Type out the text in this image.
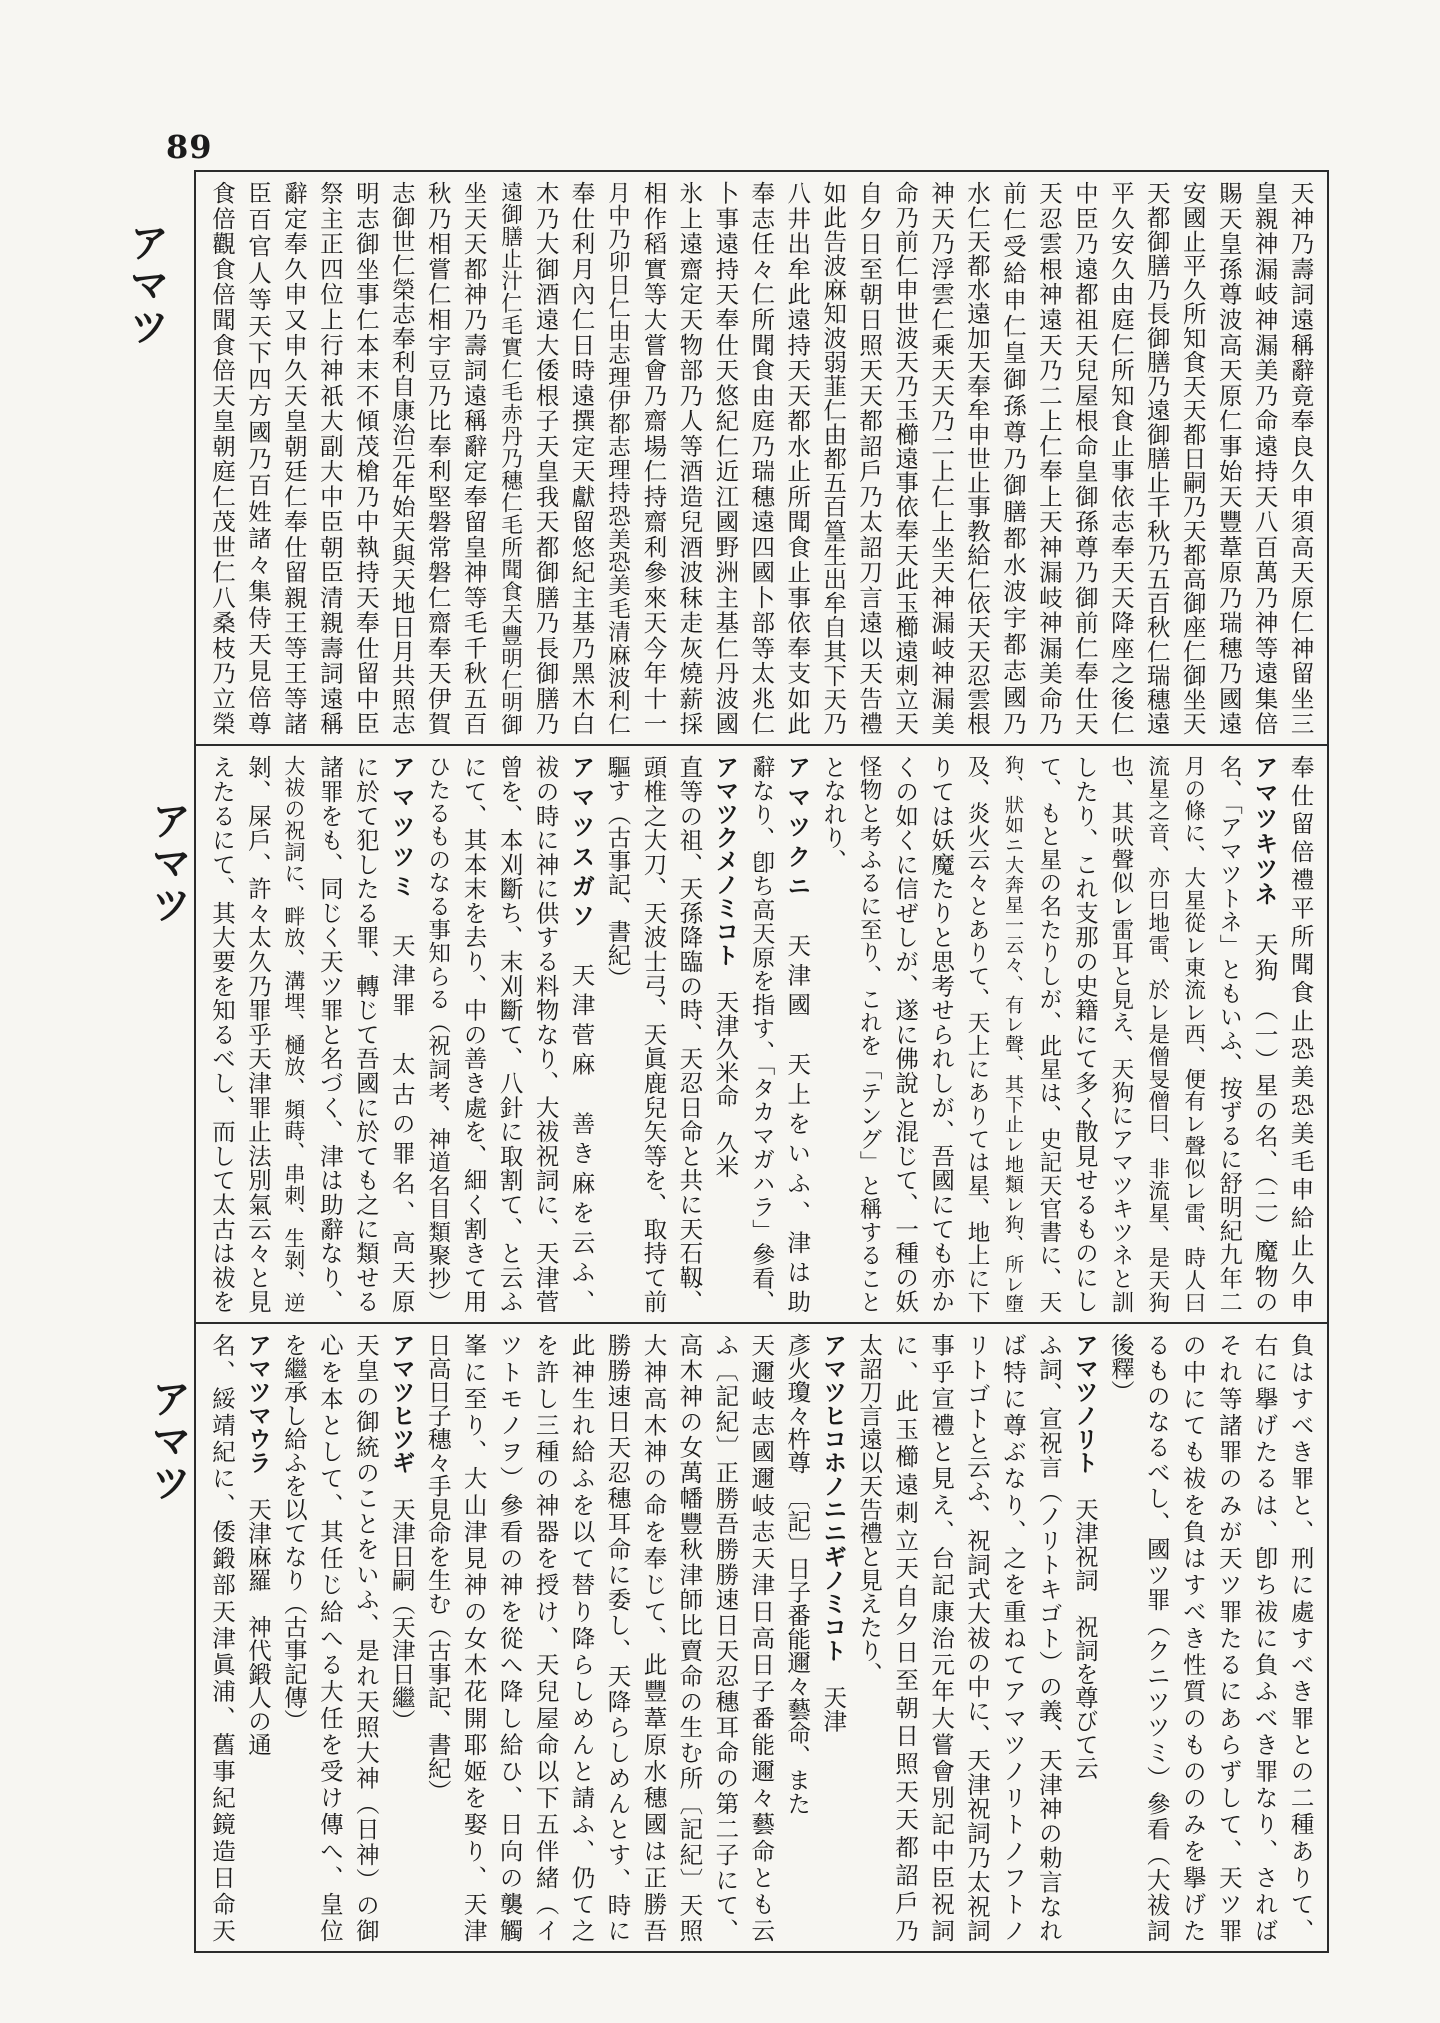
89
アマツ
アマツ
アマツ
天神乃壽詞遠稱辭竟奉良久申須高天原仁神留坐三
皇親神漏岐神漏美乃命遠持天八百萬乃神等遠集倍
賜天皇孫尊波高天原仁事始天豐葦原乃瑞穗乃國遠
安國止平久所知食天天都日嗣乃天都高御座仁御坐天
天都御膳乃長御膳乃遠御膳止千秋乃五百秋仁瑞穗遠
平久安久由庭仁所知食止事依志奉天天降座之後仁
中臣乃遠都祖天兒屋根命皇御孫尊乃御前仁奉仕天
天忍雲根神遠天乃二上仁奉上天神漏岐神漏美命乃
前仁受給申仁皇御孫尊乃御膳都水波宇都志國乃
水仁天都水遠加天奉牟申世止事教給仁依天天忍雲根
神天乃浮雲仁乘天天乃二上仁上坐天神漏岐神漏美
命乃前仁申世波天乃玉櫛遠事依奉天此玉櫛遠刺立天
自夕日至朝日照天天都詔戶乃太詔刀言遠以天告禮
如此告波麻知波弱韮仁由都五百篁生出牟自其下天乃
八井出牟此遠持天天都水止所聞食止事依奉支如此
奉志任々仁所聞食由庭乃瑞穗遠四國卜部等太兆仁
卜事遠持天奉仕天悠紀仁近江國野洲主基仁丹波國
氷上遠齋定天物部乃人等酒造兒酒波秣走灰燒薪採
相作稻實等大嘗會乃齋場仁持齋利參來天今年十一
月中乃卯日仁由志理伊都志理持恐美恐美毛清麻波利仁
奉仕利月內仁日時遠撰定天獻留悠紀主基乃黑木白
木乃大御酒遠大倭根子天皇我天都御膳乃長御膳乃
遠御膳止汁仁毛實仁毛赤丹乃穗仁毛所聞食天豐明仁明御
坐天天都神乃壽詞遠稱辭定奉留皇神等毛千秋五百
秋乃相嘗仁相宇豆乃比奉利堅磐常磐仁齋奉天伊賀
志御世仁榮志奉利自康治元年始天與天地日月共照志
明志御坐事仁本末不傾茂槍乃中執持天奉仕留中臣
祭主正四位上行神祇大副大中臣朝臣清親壽詞遠稱
辭定奉久申又申久天皇朝廷仁奉仕留親王等王等諸
臣百官人等天下四方國乃百姓諸々集侍天見倍尊
食倍觀食倍聞食倍天皇朝庭仁茂世仁八桑枝乃立榮
奉仕留倍禮平所聞食止恐美恐美毛申給止久申
アマツキツネ　天狗　（一）星の名、（二）魔物の
名、「アマツトネ」ともいふ、按ずるに舒明紀九年二
月の條に、大星從レ東流レ西、便有レ聲似レ雷、時人曰
流星之音、亦曰地雷、於レ是僧旻僧曰、非流星、是天狗
也、其吠聲似レ雷耳と見え、天狗にアマツキツネと訓
したり、これ支那の史籍にて多く散見せるものにし
て、もと星の名たりしが、此星は、史記天官書に、天
狗、狀如ニ大奔星一云々、有レ聲、其下止レ地類レ狗、所レ墮
及、炎火云々とありて、天上にありては星、地上に下
りては妖魔たりと思考せられしが、吾國にても亦か
くの如くに信ぜしが、遂に佛說と混じて、一種の妖
怪物と考ふるに至り、これを「テング」と稱すること
となれり、
アマツクニ　天津國　天上をいふ、津は助
辭なり、卽ち高天原を指す、「タカマガハラ」參看、
アマツクメノミコト　天津久米命　久米
直等の祖、天孫降臨の時、天忍日命と共に天石靱、
頭椎之大刀、天波士弓、天眞鹿兒矢等を、取持て前
驅す（古事記、書紀）
アマツスガソ　天津菅麻　善き麻を云ふ、
祓の時に神に供する料物なり、大祓祝詞に、天津菅
曾を、本刈斷ち、末刈斷て、八針に取割て、と云ふ
にて、其本末を去り、中の善き處を、細く割きて用
ひたるものなる事知らる（祝詞考、神道名目類聚抄）
アマツツミ　天津罪　太古の罪名、高天原
に於て犯したる罪、轉じて吾國に於ても之に類せる
諸罪をも、同じく天ツ罪と名づく、津は助辭なり、
大祓の祝詞に、畔放、溝埋、樋放、頻蒔、串刺、生剝、逆
剝、屎戶、許々太久乃罪乎天津罪止法別氣云々と見
えたるにて、其大要を知るべし、而して太古は祓を
負はすべき罪と、刑に處すべき罪との二種ありて、
右に擧げたるは、卽ち祓に負ふべき罪なり、されば
それ等諸罪のみが天ツ罪たるにあらずして、天ツ罪
の中にても祓を負はすべき性質のもののみを擧げた
るものなるべし、國ツ罪（クニツツミ）參看（大祓詞
後釋）
アマツノリト　天津祝詞　祝詞を尊びて云
ふ詞、宣祝言（ノリトキゴト）の義、天津神の勅言なれ
ば特に尊ぶなり、之を重ねてアマツノリトノフトノ
リトゴトと云ふ、祝詞式大祓の中に、天津祝詞乃太祝詞
事乎宣禮と見え、台記康治元年大嘗會別記中臣祝詞
に、此玉櫛遠刺立天自夕日至朝日照天天都詔戶乃
太詔刀言遠以天告禮と見えたり、
アマツヒコホノニニギノミコト　天津
彥火瓊々杵尊　〔記〕日子番能邇々藝命、また
天邇岐志國邇岐志天津日高日子番能邇々藝命とも云
ふ〔記紀〕正勝吾勝勝速日天忍穗耳命の第二子にて、
高木神の女萬幡豐秋津師比賣命の生む所〔記紀〕天照
大神高木神の命を奉じて、此豐葦原水穗國は正勝吾
勝勝速日天忍穗耳命に委し、天降らしめんとす、時に
此神生れ給ふを以て替り降らしめんと請ふ、仍て之
を許し三種の神器を授け、天兒屋命以下五伴緒（イ
ツトモノヲ）參看の神を從へ降し給ひ、日向の襲觸
峯に至り、大山津見神の女木花開耶姬を娶り、天津
日高日子穗々手見命を生む（古事記、書紀）
アマツヒツギ　天津日嗣（天津日繼）
天皇の御統のことをいふ、是れ天照大神（日神）の御
心を本として、其任じ給へる大任を受け傳へ、皇位
を繼承し給ふを以てなり（古事記傳）
アマツマウラ　天津麻羅　神代鍛人の通
名、綏靖紀に、倭鍛部天津眞浦、舊事紀鏡造日命天
